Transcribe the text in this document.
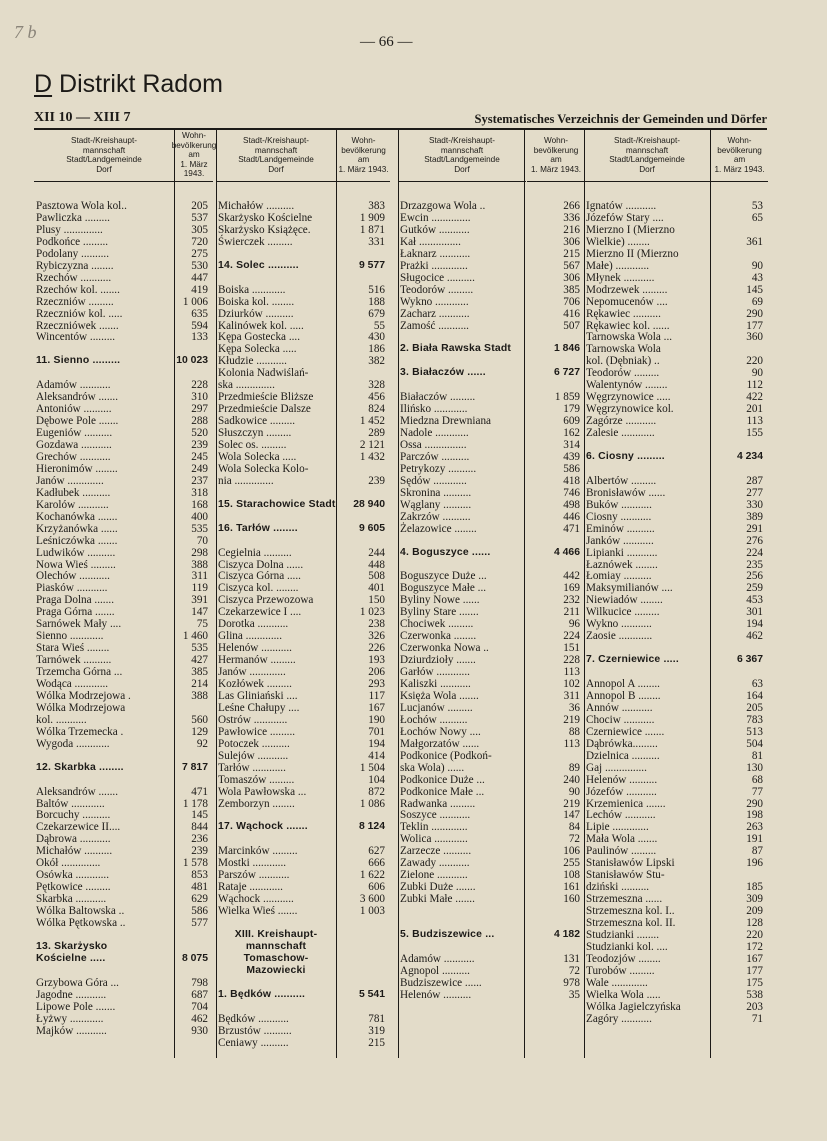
7 b	— 66 —
D Distrikt Radom
XII 10 — XIII 7	Systematisches Verzeichnis der Gemeinden und Dörfer
Stadt-/Kreishaupt-
mannschaft
Stadt/Landgemeinde
Dorf
Wohn-
bevölkerung
am
1. März 1943.
Pasztowa Wola kol..	205
Pawliczka .........	537
Plusy ..............	305
Podkońce .........	720
Podolany ..........	275
Rybiczyzna ........	530
Rzechów ...........	447
Rzechów kol. .......	419
Rzeczniów .........	1 006
Rzeczniów kol. .....	635
Rzeczniówek .......	594
Wincentów .........	133
11. Sienno .........	10 023
Adamów ...........	228
Aleksandrów .......	310
Antoniów ..........	297
Dębowe Pole .......	288
Eugeniów ..........	520
Gozdawa ...........	239
Grechów ...........	245
Hieronimów ........	249
Janów .............	237
Kadłubek ..........	318
Karolów ...........	168
Kochanówka .......	400
Krzyżanówka ......	535
Leśniczówka .......	70
Ludwików ..........	298
Nowa Wieś .........	388
Olechów ...........	311
Piasków ...........	119
Praga Dolna .......	391
Praga Górna .......	147
Sarnówek Mały ....	75
Sienno ............	1 460
Stara Wieś ........	535
Tarnówek ..........	427
Trzemcha Górna ...	385
Wodąca ............	214
Wólka Modrzejowa .	388
Wólka Modrzejowa
kol. ...........	560
Wólka Trzemecka .	129
Wygoda ............	92
12. Skarbka ........	7 817
Aleksandrów .......	471
Baltów ............	1 178
Borcuchy ..........	145
Czekarzewice II....	844
Dąbrowa ...........	236
Michałów ..........	239
Okół ..............	1 578
Osówka ............	853
Pętkowice .........	481
Skarbka ...........	629
Wólka Baltowska ..	586
Wólka Pętkowska ..	577
13. Skarżysko
Kościelne .....	8 075
Grzybowa Góra ...	798
Jagodne ...........	687
Lipowe Pole .......	704
Łyżwy ............	462
Majków ...........	930
Stadt-/Kreishaupt-
mannschaft
Stadt/Landgemeinde
Dorf
Wohn-
bevölkerung
am
1. März 1943.
Michałów ..........	383
Skarżysko Kościelne	1 909
Skarżysko Książęce.	1 871
Świerczek .........	331
14. Solec ..........	9 577
Boiska ............	516
Boiska kol. ........	188
Dziurków ..........	679
Kalinówek kol. .....	55
Kępa Gostecka ....	430
Kępa Solecka .....	186
Kłudzie ...........	382
Kolonia Nadwiślań-
ska ..............	328
Przedmieście Bliższe	456
Przedmieście Dalsze	824
Sadkowice .........	1 452
Słuszczyn .........	289
Solec os. .........	2 121
Wola Solecka .....	1 432
Wola Solecka Kolo-
nia ..............	239
15. Starachowice Stadt	28 940
16. Tarłów ........	9 605
Cegielnia ..........	244
Ciszyca Dolna ......	448
Ciszyca Górna .....	508
Ciszyca kol. ........	401
Ciszyca Przewozowa	150
Czekarzewice I ....	1 023
Dorotka ...........	238
Glina .............	326
Helenów ...........	226
Hermanów .........	193
Janów .............	206
Kozłówek .........	293
Las Gliniański ....	117
Leśne Chałupy ....	167
Ostrów ............	190
Pawłowice .........	701
Potoczek ..........	194
Sulejów ...........	414
Tarłów ............	1 504
Tomaszów .........	104
Wola Pawłowska ...	872
Zemborzyn ........	1 086
17. Wąchock .......	8 124
Marcinków .........	627
Mostki ............	666
Parszów ...........	1 622
Rataje ............	606
Wąchock ...........	3 600
Wielka Wieś .......	1 003
XIII. Kreishaupt-
mannschaft
Tomaschow-
Mazowiecki
1. Będków ..........	5 541
Będków ...........	781
Brzustów ..........	319
Ceniawy ..........	215
Stadt-/Kreishaupt-
mannschaft
Stadt/Landgemeinde
Dorf
Wohn-
bevölkerung
am
1. März 1943.
Drzazgowa Wola ..	266
Ewcin ..............	336
Gutków ...........	216
Kał ...............	306
Łaknarz ...........	215
Prażki .............	567
Sługocice ..........	306
Teodorów .........	385
Wykno ............	706
Zacharz ...........	416
Zamość ...........	507
2. Biała Rawska Stadt	1 846
3. Białaczów ......	6 727
Białaczów .........	1 859
Ilińsko ............	179
Miedzna Drewniana	609
Nadole ............	162
Ossa ...............	314
Parczów ..........	439
Petrykozy ..........	586
Sędów ............	418
Skronina ..........	746
Wąglany ..........	498
Zakrzów ..........	446
Żelazowice ........	471
4. Boguszyce ......	4 466
Boguszyce Duże ...	442
Boguszyce Małe ...	169
Byliny Nowe ......	232
Byliny Stare .......	211
Chociwek .........	96
Czerwonka ........	224
Czerwonka Nowa ..	151
Dziurdzioły .......	228
Garłów ............	113
Kaliszki ...........	102
Księża Wola .......	311
Lucjanów .........	36
Łochów ..........	219
Łochów Nowy ....	88
Małgorzatów ......	113
Podkonice (Podkoń-
ska Wola) ......	89
Podkonice Duże ...	240
Podkonice Małe ...	90
Radwanka .........	219
Soszyce ...........	147
Teklin .............	84
Wolica ............	72
Zarzecze ..........	106
Zawady ...........	255
Zielone ...........	108
Zubki Duże .......	161
Zubki Małe .......	160
5. Budziszewice ...	4 182
Adamów ...........	131
Agnopol ..........	72
Budziszewice ......	978
Helenów ..........	35
Stadt-/Kreishaupt-
mannschaft
Stadt/Landgemeinde
Dorf
Wohn-
bevölkerung
am
1. März 1943.
Ignatów ...........	53
Józefów Stary ....	65
Mierzno I (Mierzno
Wielkie) ........	361
Mierzno II (Mierzno
Małe) ............	90
Młynek ...........	43
Modrzewek .........	145
Nepomucenów ....	69
Rękawiec ..........	290
Rękawiec kol. ......	177
Tarnowska Wola ...	360
Tarnowska Wola
kol. (Dębniak) ..	220
Teodorów .........	90
Walentynów ........	112
Węgrzynowice .....	422
Węgrzynowice kol.	201
Zagórze ...........	113
Zalesie ............	155
6. Ciosny .........	4 234
Albertów .........	287
Bronisławów ......	277
Buków ...........	330
Ciosny ...........	389
Eminów ..........	291
Janków ...........	276
Lipianki ...........	224
Łaznówek ........	235
Łomiay ..........	256
Maksymilianów ....	259
Niewiadów ........	453
Wilkucice .........	301
Wykno ...........	194
Zaosie ............	462
7. Czerniewice .....	6 367
Annopol A ........	63
Annopol B ........	164
Annów ...........	205
Chociw ...........	783
Czerniewice .......	513
Dąbrówka.........	504
Dzielnica ..........	81
Gaj ...............	130
Helenów ..........	68
Józefów ...........	77
Krzemienica .......	290
Lechów ...........	198
Lipie .............	263
Mała Wola .......	191
Paulinów .........	87
Stanisławów Lipski	196
Stanisławów Stu-
dziński ..........	185
Strzemeszna ......	309
Strzemeszna kol. I..	209
Strzemeszna kol. II.	128
Studzianki ........	220
Studzianki kol. ....	172
Teodozjów ........	167
Turobów .........	177
Wale .............	175
Wielka Wola .....	538
Wólka Jagielczyńska	203
Zagóry ...........	71
